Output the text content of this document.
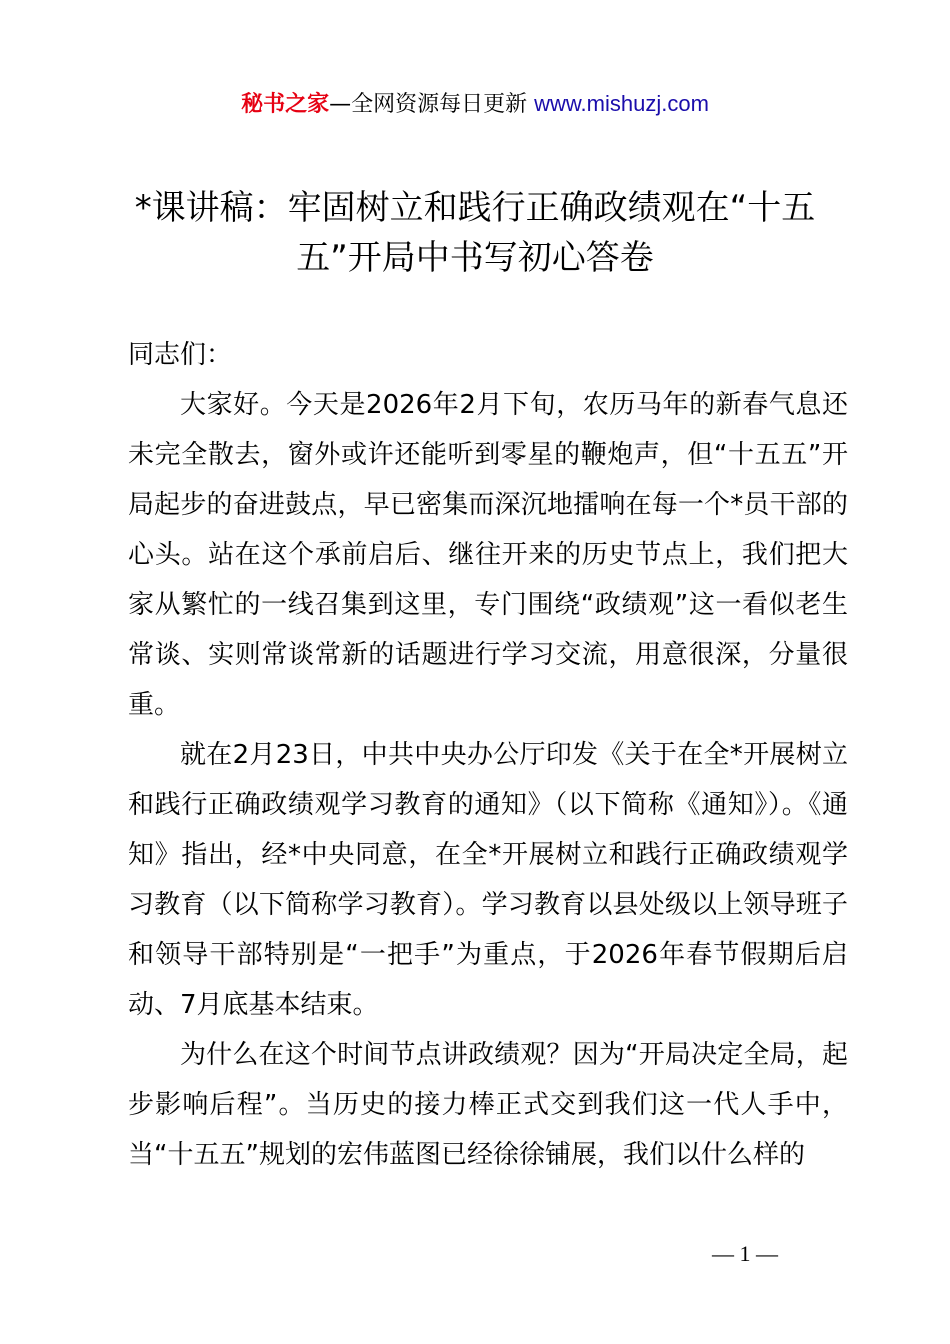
秘书之家—全网资源每日更新 www.mishuzj.com
*课讲稿：牢固树立和践行正确政绩观在“十五五”开局中书写初心答卷

同志们：

大家好。今天是2026年2月下旬，农历马年的新春气息还未完全散去，窗外或许还能听到零星的鞭炮声，但“十五五”开局起步的奋进鼓点，早已密集而深沉地擂响在每一个*员干部的心头。站在这个承前启后、继往开来的历史节点上，我们把大家从繁忙的一线召集到这里，专门围绕“政绩观”这一看似老生常谈、实则常谈常新的话题进行学习交流，用意很深，分量很重。

就在2月23日，中共中央办公厅印发《关于在全*开展树立和践行正确政绩观学习教育的通知》（以下简称《通知》）。《通知》指出，经*中央同意，在全*开展树立和践行正确政绩观学习教育（以下简称学习教育）。学习教育以县处级以上领导班子和领导干部特别是“一把手”为重点，于2026年春节假期后启动、7月底基本结束。

为什么在这个时间节点讲政绩观？因为“开局决定全局，起步影响后程”。当历史的接力棒正式交到我们这一代人手中，当“十五五”规划的宏伟蓝图已经徐徐铺展，我们以什么样的

— 1 —
